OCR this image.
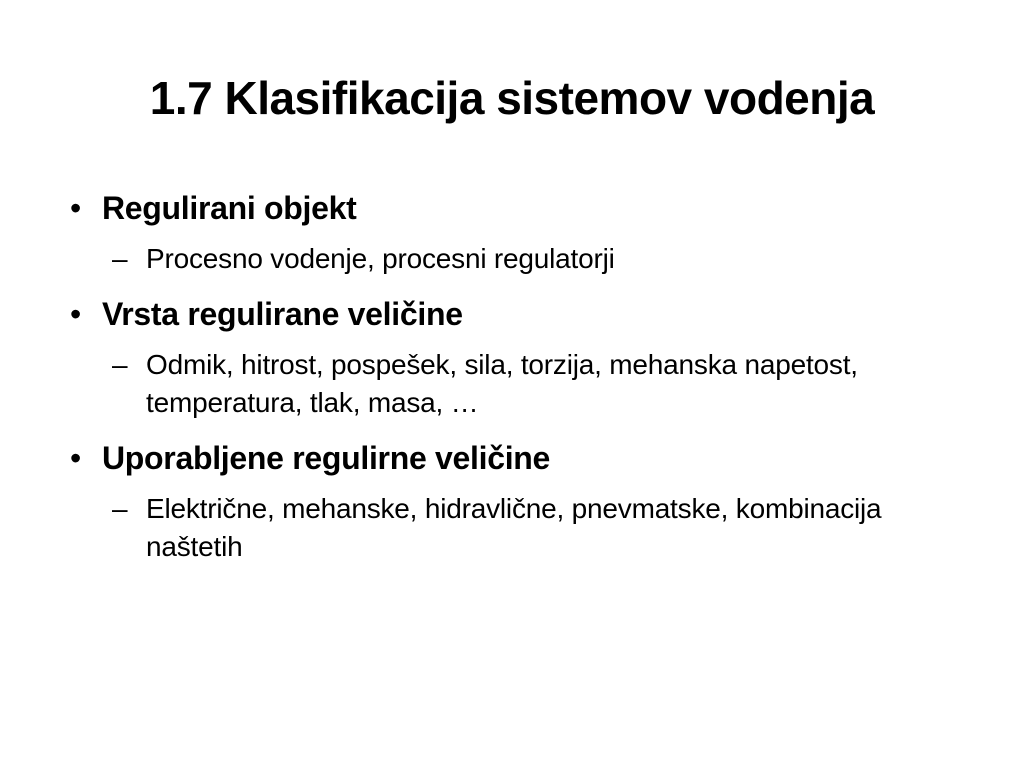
1.7 Klasifikacija sistemov vodenja
• Regulirani objekt
– Procesno vodenje, procesni regulatorji
• Vrsta regulirane veličine
– Odmik, hitrost, pospešek, sila, torzija, mehanska napetost, temperatura, tlak, masa, …
• Uporabljene regulirne veličine
– Električne, mehanske, hidravlične, pnevmatske, kombinacija naštetih
